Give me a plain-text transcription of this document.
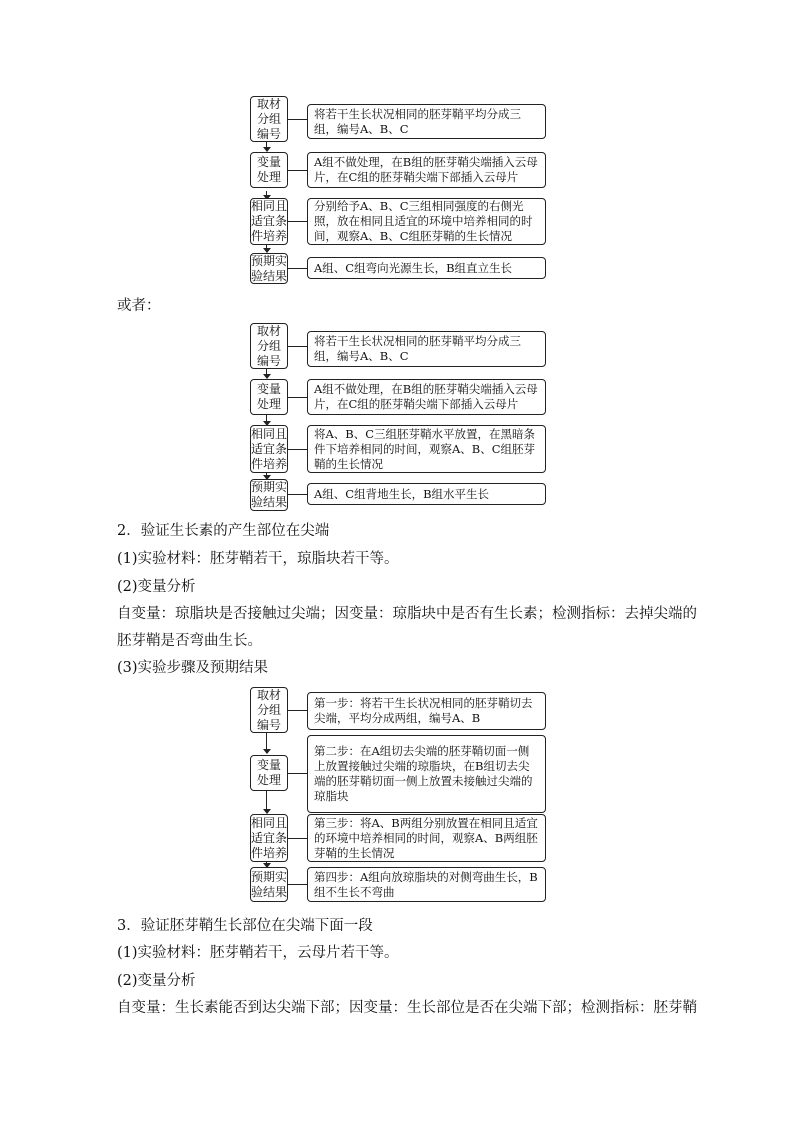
取材分组编号
将若干生长状况相同的胚芽鞘平均分成三组，编号A、B、C
变量处理
A组不做处理，在B组的胚芽鞘尖端插入云母片，在C组的胚芽鞘尖端下部插入云母片
相同且适宜条件培养
分别给予A、B、C三组相同强度的右侧光照，放在相同且适宜的环境中培养相同的时间，观察A、B、C组胚芽鞘的生长情况
预期实验结果
A组、C组弯向光源生长，B组直立生长
或者：
取材分组编号
将若干生长状况相同的胚芽鞘平均分成三组，编号A、B、C
变量处理
A组不做处理，在B组的胚芽鞘尖端插入云母片，在C组的胚芽鞘尖端下部插入云母片
相同且适宜条件培养
将A、B、C三组胚芽鞘水平放置，在黑暗条件下培养相同的时间，观察A、B、C组胚芽鞘的生长情况
预期实验结果
A组、C组背地生长，B组水平生长
2．验证生长素的产生部位在尖端
(1)实验材料：胚芽鞘若干，琼脂块若干等。
(2)变量分析
自变量：琼脂块是否接触过尖端；因变量：琼脂块中是否有生长素；检测指标：去掉尖端的
胚芽鞘是否弯曲生长。
(3)实验步骤及预期结果
取材分组编号
第一步：将若干生长状况相同的胚芽鞘切去尖端，平均分成两组，编号A、B
变量处理
第二步：在A组切去尖端的胚芽鞘切面一侧上放置接触过尖端的琼脂块，在B组切去尖端的胚芽鞘切面一侧上放置未接触过尖端的琼脂块
相同且适宜条件培养
第三步：将A、B两组分别放置在相同且适宜的环境中培养相同的时间，观察A、B两组胚芽鞘的生长情况
预期实验结果
第四步：A组向放琼脂块的对侧弯曲生长，B组不生长不弯曲
3．验证胚芽鞘生长部位在尖端下面一段
(1)实验材料：胚芽鞘若干，云母片若干等。
(2)变量分析
自变量：生长素能否到达尖端下部；因变量：生长部位是否在尖端下部；检测指标：胚芽鞘
